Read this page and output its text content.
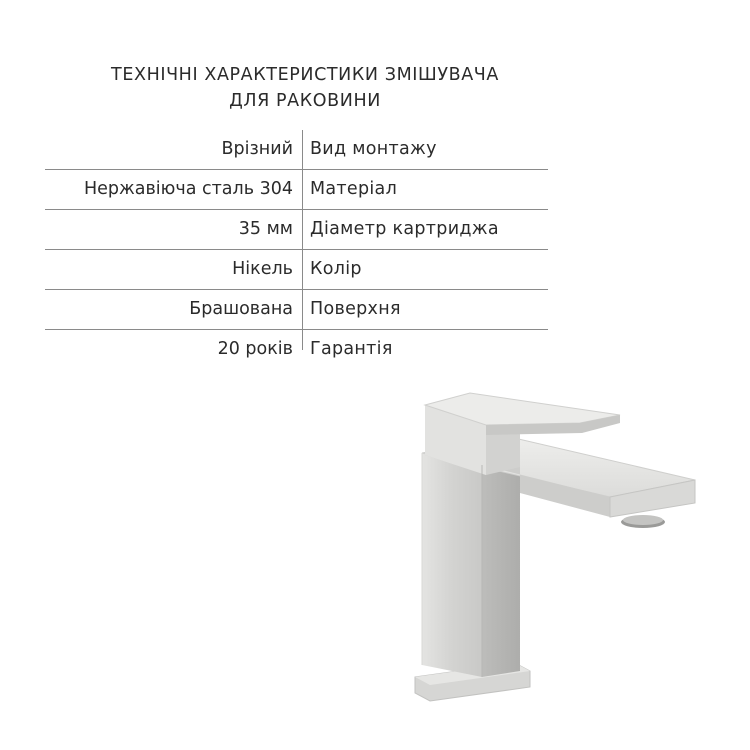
ТЕХНІЧНІ ХАРАКТЕРИСТИКИ ЗМІШУВАЧА
ДЛЯ РАКОВИНИ
Врізний Вид монтажу
Нержавіюча сталь 304 Матеріал
35 мм Діаметр картриджа
Нікель Колір
Брашована Поверхня
20 років Гарантія
